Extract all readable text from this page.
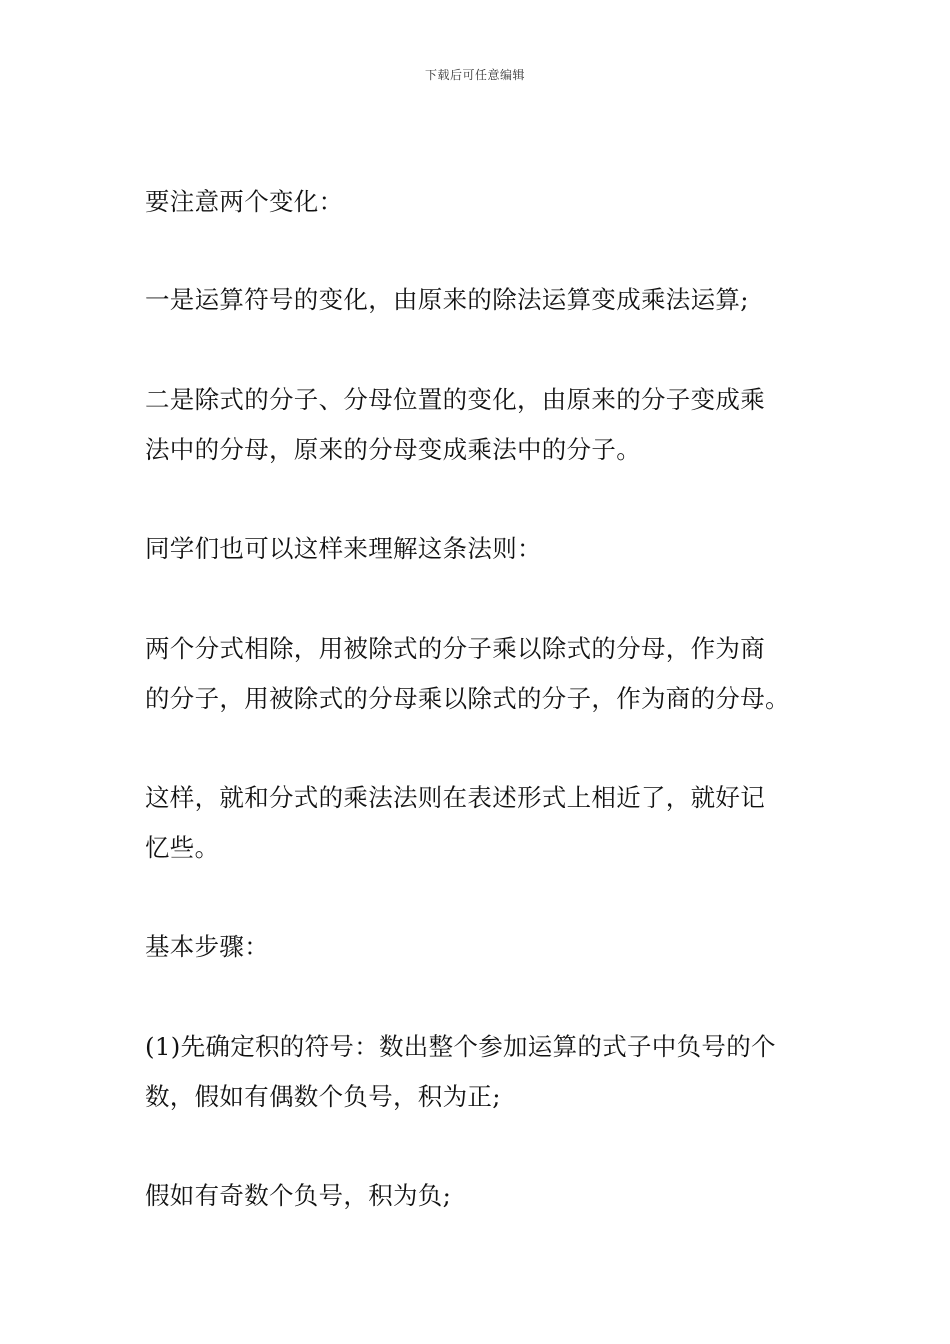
下载后可任意编辑

要注意两个变化：

一是运算符号的变化，由原来的除法运算变成乘法运算;

二是除式的分子、分母位置的变化，由原来的分子变成乘
法中的分母，原来的分母变成乘法中的分子。

同学们也可以这样来理解这条法则：

两个分式相除，用被除式的分子乘以除式的分母，作为商
的分子，用被除式的分母乘以除式的分子，作为商的分母。

这样，就和分式的乘法法则在表述形式上相近了，就好记
忆些。

基本步骤：

(1)先确定积的符号：数出整个参加运算的式子中负号的个
数，假如有偶数个负号，积为正;

假如有奇数个负号，积为负;
